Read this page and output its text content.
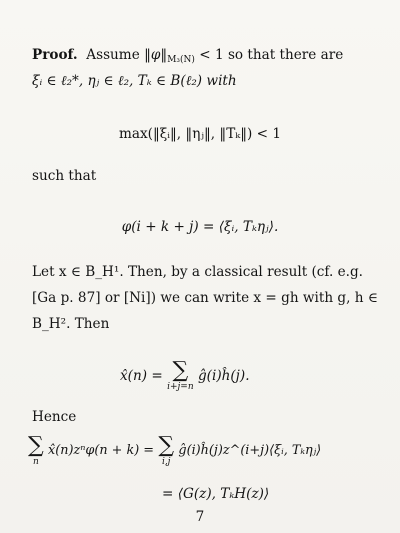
Proof. Assume $‖\varphi‖_{M_3(N)} < 1$ so that there are
ξᵢ ∈ ℓ₂*, ηⱼ ∈ ℓ₂, Tₖ ∈ B(ℓ₂) with
max(‖ξᵢ‖, ‖ηⱼ‖, ‖Tₖ‖) < 1
such that
φ(i + k + j) = ⟨ξᵢ, Tₖηⱼ⟩.
Let x ∈ B_H¹. Then, by a classical result (cf. e.g.
[Ga p. 87] or [Ni]) we can write x = gh with g, h ∈
B_H². Then
x̂(n) = ∑
i+j=n
ĝ(i)ĥ(j).
Hence
∑
n
x̂(n)zⁿφ(n + k) = ∑
i,j
ĝ(i)ĥ(j)z^(i+j)⟨ξᵢ, Tₖηⱼ⟩
= ⟨G(z), TₖH(z)⟩
7
